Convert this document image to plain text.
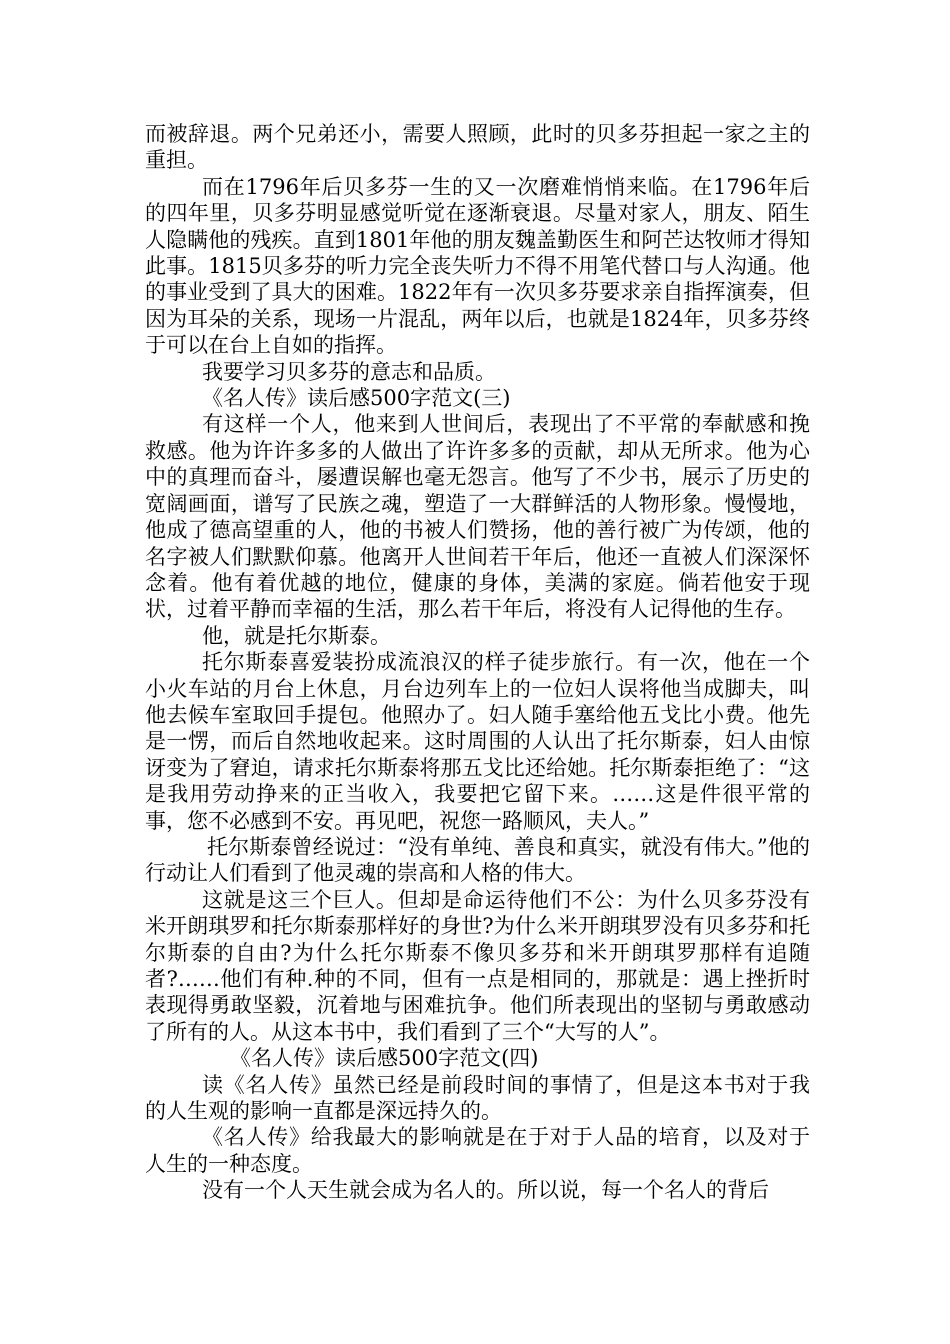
而被辞退。两个兄弟还小，需要人照顾，此时的贝多芬担起一家之主的重担。

而在1796年后贝多芬一生的又一次磨难悄悄来临。在1796年后的四年里，贝多芬明显感觉听觉在逐渐衰退。尽量对家人，朋友、陌生人隐瞒他的残疾。直到1801年他的朋友魏盖勤医生和阿芒达牧师才得知此事。1815贝多芬的听力完全丧失听力不得不用笔代替口与人沟通。他的事业受到了具大的困难。1822年有一次贝多芬要求亲自指挥演奏，但因为耳朵的关系，现场一片混乱，两年以后，也就是1824年，贝多芬终于可以在台上自如的指挥。

我要学习贝多芬的意志和品质。

《名人传》读后感500字范文(三)

有这样一个人，他来到人世间后，表现出了不平常的奉献感和挽救感。他为许许多多的人做出了许许多多的贡献，却从无所求。他为心中的真理而奋斗，屡遭误解也毫无怨言。他写了不少书，展示了历史的宽阔画面，谱写了民族之魂，塑造了一大群鲜活的人物形象。慢慢地，他成了德高望重的人，他的书被人们赞扬，他的善行被广为传颂，他的名字被人们默默仰慕。他离开人世间若干年后，他还一直被人们深深怀念着。他有着优越的地位，健康的身体，美满的家庭。倘若他安于现状，过着平静而幸福的生活，那么若干年后，将没有人记得他的生存。

他，就是托尔斯泰。

托尔斯泰喜爱装扮成流浪汉的样子徒步旅行。有一次，他在一个小火车站的月台上休息，月台边列车上的一位妇人误将他当成脚夫，叫他去候车室取回手提包。他照办了。妇人随手塞给他五戈比小费。他先是一愣，而后自然地收起来。这时周围的人认出了托尔斯泰，妇人由惊讶变为了窘迫，请求托尔斯泰将那五戈比还给她。托尔斯泰拒绝了：“这是我用劳动挣来的正当收入，我要把它留下来。……这是件很平常的事，您不必感到不安。再见吧，祝您一路顺风，夫人。”

托尔斯泰曾经说过：“没有单纯、善良和真实，就没有伟大。”他的行动让人们看到了他灵魂的崇高和人格的伟大。

这就是这三个巨人。但却是命运待他们不公：为什么贝多芬没有米开朗琪罗和托尔斯泰那样好的身世?为什么米开朗琪罗没有贝多芬和托尔斯泰的自由?为什么托尔斯泰不像贝多芬和米开朗琪罗那样有追随者?……他们有种.种的不同，但有一点是相同的，那就是：遇上挫折时表现得勇敢坚毅，沉着地与困难抗争。他们所表现出的坚韧与勇敢感动了所有的人。从这本书中，我们看到了三个“大写的人”。

《名人传》读后感500字范文(四)

读《名人传》虽然已经是前段时间的事情了，但是这本书对于我的人生观的影响一直都是深远持久的。

《名人传》给我最大的影响就是在于对于人品的培育，以及对于人生的一种态度。

没有一个人天生就会成为名人的。所以说，每一个名人的背后
